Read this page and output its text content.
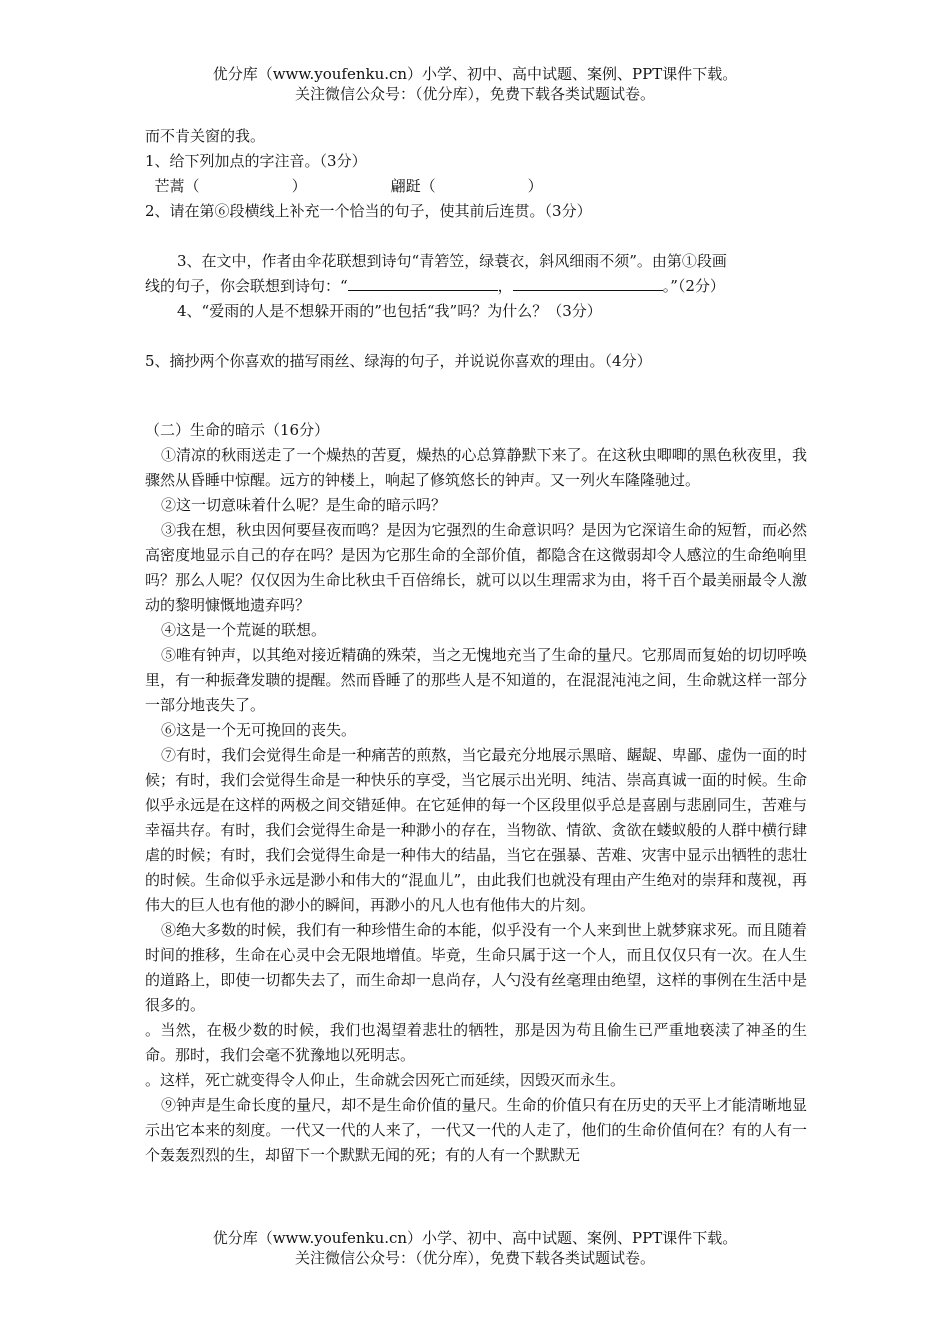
优分库（www.youfenku.cn）小学、初中、高中试题、案例、PPT课件下载。
关注微信公众号：（优分库），免费下载各类试题试卷。
而不肯关窗的我。
1、给下列加点的字注音。（3分）
芒蒿（	）	翩跹（	）
2、请在第⑥段横线上补充一个恰当的句子，使其前后连贯。（3分）
3、在文中，作者由伞花联想到诗句“青箬笠，绿蓑衣，斜风细雨不须”。由第①段画
线的句子，你会联想到诗句：“	，	。”（2分）
4、“爱雨的人是不想躲开雨的”也包括“我”吗？为什么？（3分）
5、摘抄两个你喜欢的描写雨丝、绿海的句子，并说说你喜欢的理由。（4分）
（二）生命的暗示（16分）
①清凉的秋雨送走了一个燥热的苦夏，燥热的心总算静默下来了。在这秋虫唧唧的黑色秋夜里，我骤然从昏睡中惊醒。远方的钟楼上，响起了修筑悠长的钟声。又一列火车隆隆驰过。
②这一切意味着什么呢？是生命的暗示吗？
③我在想，秋虫因何要昼夜而鸣？是因为它强烈的生命意识吗？是因为它深谙生命的短暂，而必然高密度地显示自己的存在吗？是因为它那生命的全部价值，都隐含在这微弱却令人感泣的生命绝响里吗？那么人呢？仅仅因为生命比秋虫千百倍绵长，就可以以生理需求为由，将千百个最美丽最令人激动的黎明慷慨地遗弃吗？
④这是一个荒诞的联想。
⑤唯有钟声，以其绝对接近精确的殊荣，当之无愧地充当了生命的量尺。它那周而复始的切切呼唤里，有一种振聋发聩的提醒。然而昏睡了的那些人是不知道的，在混混沌沌之间，生命就这样一部分一部分地丧失了。
⑥这是一个无可挽回的丧失。
⑦有时，我们会觉得生命是一种痛苦的煎熬，当它最充分地展示黑暗、龌龊、卑鄙、虚伪一面的时候；有时，我们会觉得生命是一种快乐的享受，当它展示出光明、纯洁、崇高真诚一面的时候。生命似乎永远是在这样的两极之间交错延伸。在它延伸的每一个区段里似乎总是喜剧与悲剧同生，苦难与幸福共存。有时，我们会觉得生命是一种渺小的存在，当物欲、情欲、贪欲在蝼蚁般的人群中横行肆虐的时候；有时，我们会觉得生命是一种伟大的结晶，当它在强暴、苦难、灾害中显示出牺牲的悲壮的时候。生命似乎永远是渺小和伟大的“混血儿”，由此我们也就没有理由产生绝对的崇拜和蔑视，再伟大的巨人也有他的渺小的瞬间，再渺小的凡人也有他伟大的片刻。
⑧绝大多数的时候，我们有一种珍惜生命的本能，似乎没有一个人来到世上就梦寐求死。而且随着时间的推移，生命在心灵中会无限地增值。毕竟，生命只属于这一个人，而且仅仅只有一次。在人生的道路上，即使一切都失去了，而生命却一息尚存，人勺没有丝毫理由绝望，这样的事例在生活中是很多的。
。当然，在极少数的时候，我们也渴望着悲壮的牺牲，那是因为苟且偷生已严重地亵渎了神圣的生命。那时，我们会毫不犹豫地以死明志。
。这样，死亡就变得令人仰止，生命就会因死亡而延续，因毁灭而永生。
⑨钟声是生命长度的量尺，却不是生命价值的量尺。生命的价值只有在历史的天平上才能清晰地显示出它本来的刻度。一代又一代的人来了，一代又一代的人走了，他们的生命价值何在？有的人有一个轰轰烈烈的生，却留下一个默默无闻的死；有的人有一个默默无
优分库（www.youfenku.cn）小学、初中、高中试题、案例、PPT课件下载。
关注微信公众号：（优分库），免费下载各类试题试卷。
